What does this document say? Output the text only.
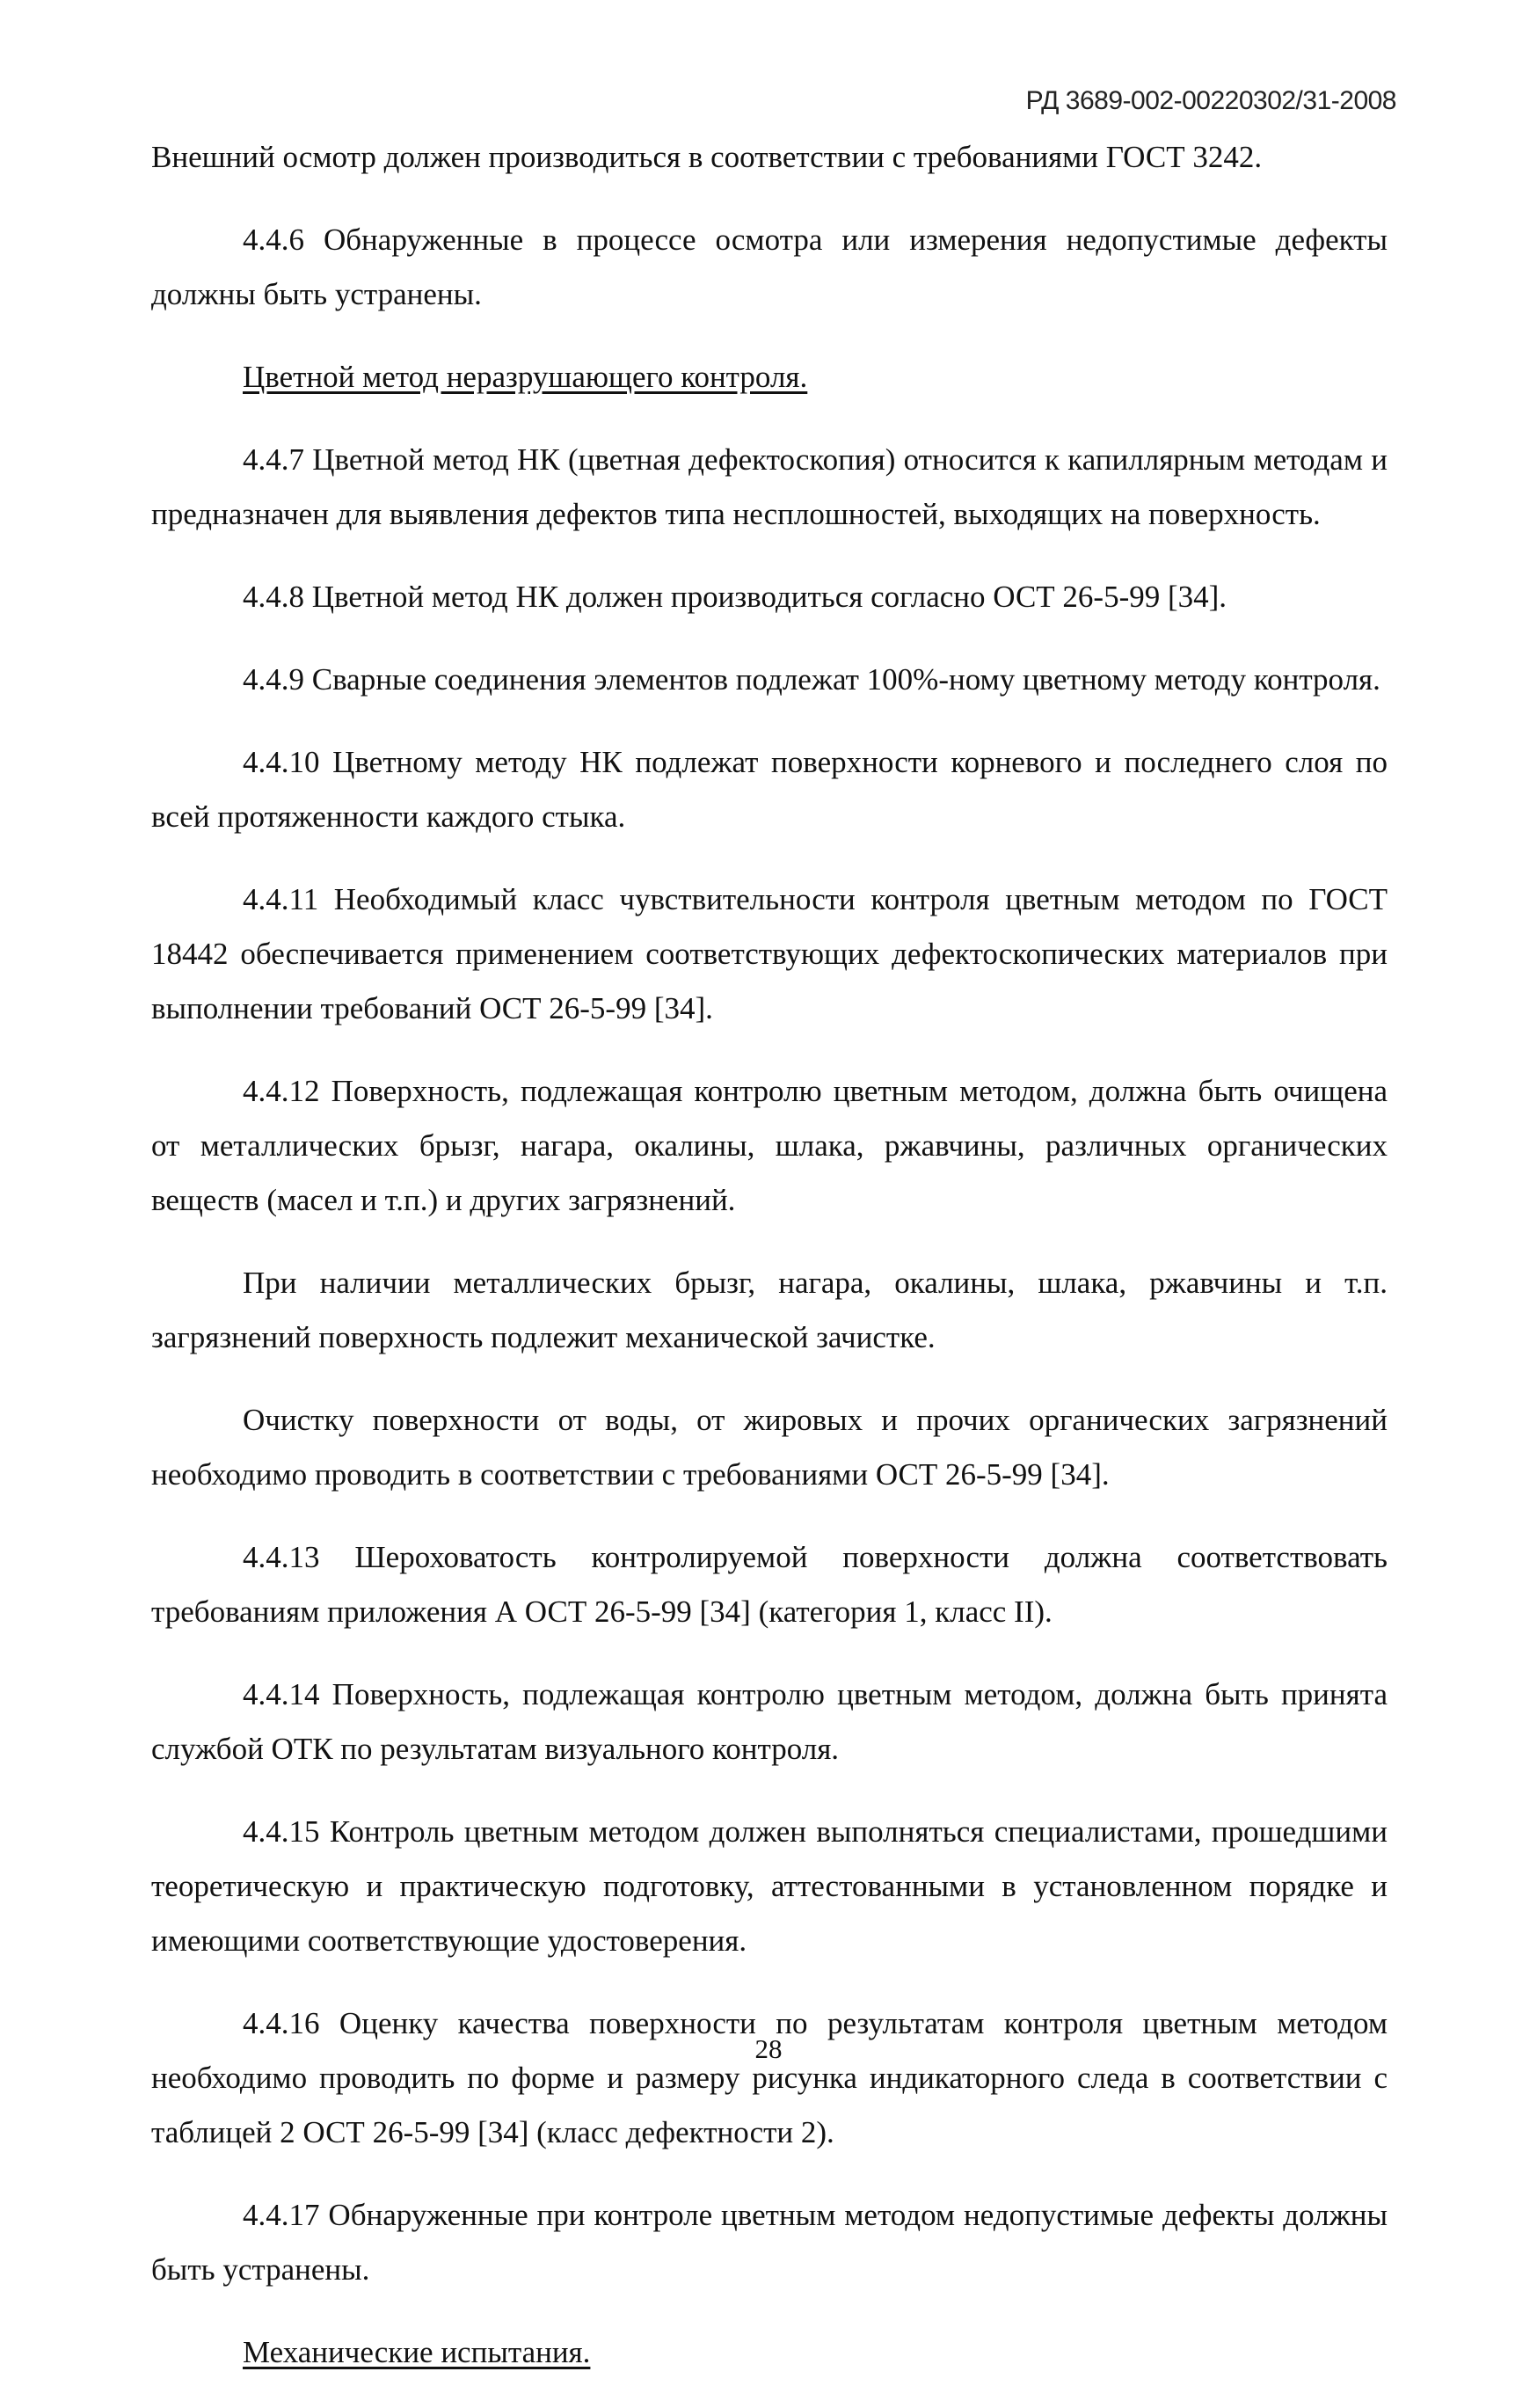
РД 3689-002-00220302/31-2008

Внешний осмотр должен производиться в соответствии с требованиями ГОСТ 3242.

4.4.6 Обнаруженные в процессе осмотра или измерения недопустимые дефекты должны быть устранены.

Цветной метод неразрушающего контроля.

4.4.7 Цветной метод НК (цветная дефектоскопия) относится к капиллярным методам и предназначен для выявления дефектов типа несплошностей, выходящих на поверхность.

4.4.8 Цветной метод НК должен производиться согласно ОСТ 26-5-99 [34].

4.4.9 Сварные соединения элементов подлежат 100%-ному цветному методу контроля.

4.4.10 Цветному методу НК подлежат поверхности корневого и последнего слоя по всей протяженности каждого стыка.

4.4.11 Необходимый класс чувствительности контроля цветным методом по ГОСТ 18442 обеспечивается применением соответствующих дефектоскопических материалов при выполнении требований ОСТ 26-5-99 [34].

4.4.12 Поверхность, подлежащая контролю цветным методом, должна быть очищена от металлических брызг, нагара, окалины, шлака, ржавчины, различных органических веществ (масел и т.п.) и других загрязнений.

При наличии металлических брызг, нагара, окалины, шлака, ржавчины и т.п. загрязнений поверхность подлежит механической зачистке.

Очистку поверхности от воды, от жировых и прочих органических загрязнений необходимо проводить в соответствии с требованиями ОСТ 26-5-99 [34].

4.4.13 Шероховатость контролируемой поверхности должна соответствовать требованиям приложения А ОСТ 26-5-99 [34] (категория 1, класс II).

4.4.14 Поверхность, подлежащая контролю цветным методом, должна быть принята службой ОТК по результатам визуального контроля.

4.4.15 Контроль цветным методом должен выполняться специалистами, прошедшими теоретическую и практическую подготовку, аттестованными в установленном порядке и имеющими соответствующие удостоверения.

4.4.16 Оценку качества поверхности по результатам контроля цветным методом необходимо проводить по форме и размеру рисунка индикаторного следа в соответствии с таблицей 2 ОСТ 26-5-99 [34] (класс дефектности 2).

4.4.17 Обнаруженные при контроле цветным методом недопустимые дефекты должны быть устранены.

Механические испытания.

28
